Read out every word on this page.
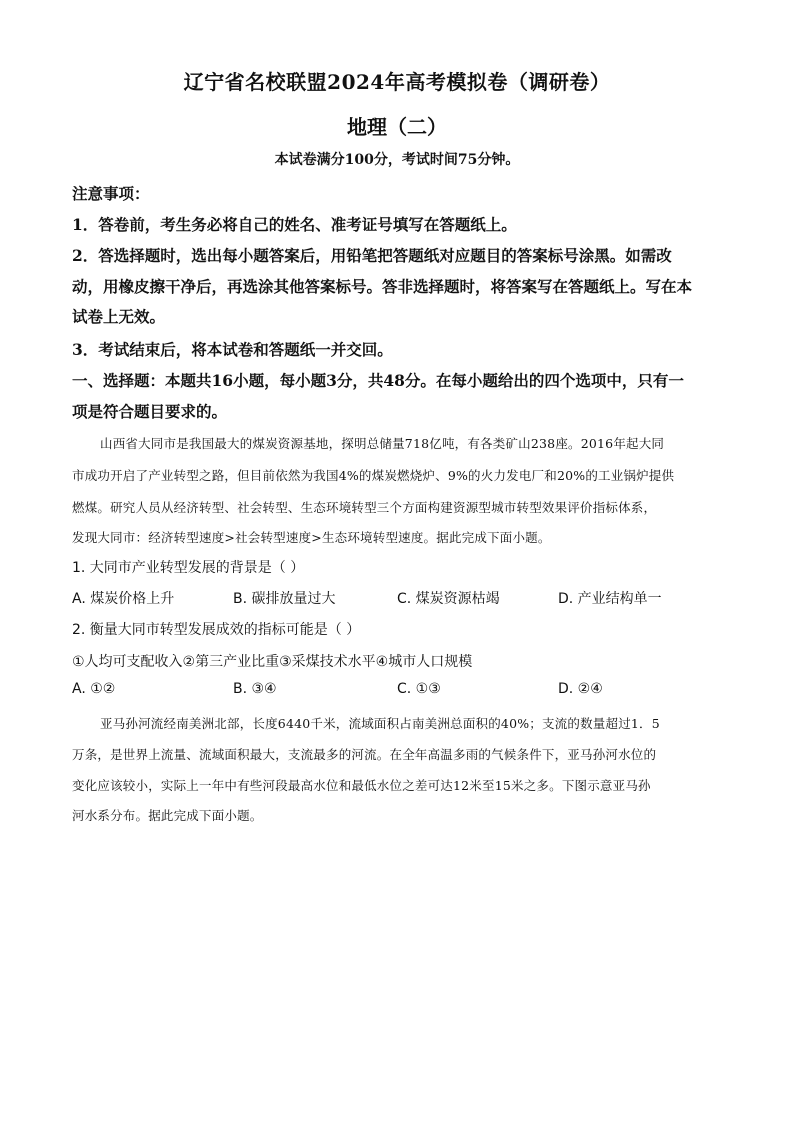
辽宁省名校联盟2024年高考模拟卷（调研卷）
地理（二）
本试卷满分100分，考试时间75分钟。
注意事项：
1．答卷前，考生务必将自己的姓名、准考证号填写在答题纸上。
2．答选择题时，选出每小题答案后，用铅笔把答题纸对应题目的答案标号涂黑。如需改
动，用橡皮擦干净后，再选涂其他答案标号。答非选择题时，将答案写在答题纸上。写在本
试卷上无效。
3．考试结束后，将本试卷和答题纸一并交回。
一、选择题：本题共16小题，每小题3分，共48分。在每小题给出的四个选项中，只有一
项是符合题目要求的。
山西省大同市是我国最大的煤炭资源基地，探明总储量718亿吨，有各类矿山238座。2016年起大同
市成功开启了产业转型之路，但目前依然为我国4%的煤炭燃烧炉、9%的火力发电厂和20%的工业锅炉提供
燃煤。研究人员从经济转型、社会转型、生态环境转型三个方面构建资源型城市转型效果评价指标体系，
发现大同市：经济转型速度>社会转型速度>生态环境转型速度。据此完成下面小题。
1. 大同市产业转型发展的背景是（ ）
A. 煤炭价格上升	B. 碳排放量过大	C. 煤炭资源枯竭	D. 产业结构单一
2. 衡量大同市转型发展成效的指标可能是（ ）
①人均可支配收入②第三产业比重③采煤技术水平④城市人口规模
A. ①②	B. ③④	C. ①③	D. ②④
亚马孙河流经南美洲北部，长度6440千米，流域面积占南美洲总面积的40%；支流的数量超过1．5
万条，是世界上流量、流域面积最大，支流最多的河流。在全年高温多雨的气候条件下，亚马孙河水位的
变化应该较小，实际上一年中有些河段最高水位和最低水位之差可达12米至15米之多。下图示意亚马孙
河水系分布。据此完成下面小题。
